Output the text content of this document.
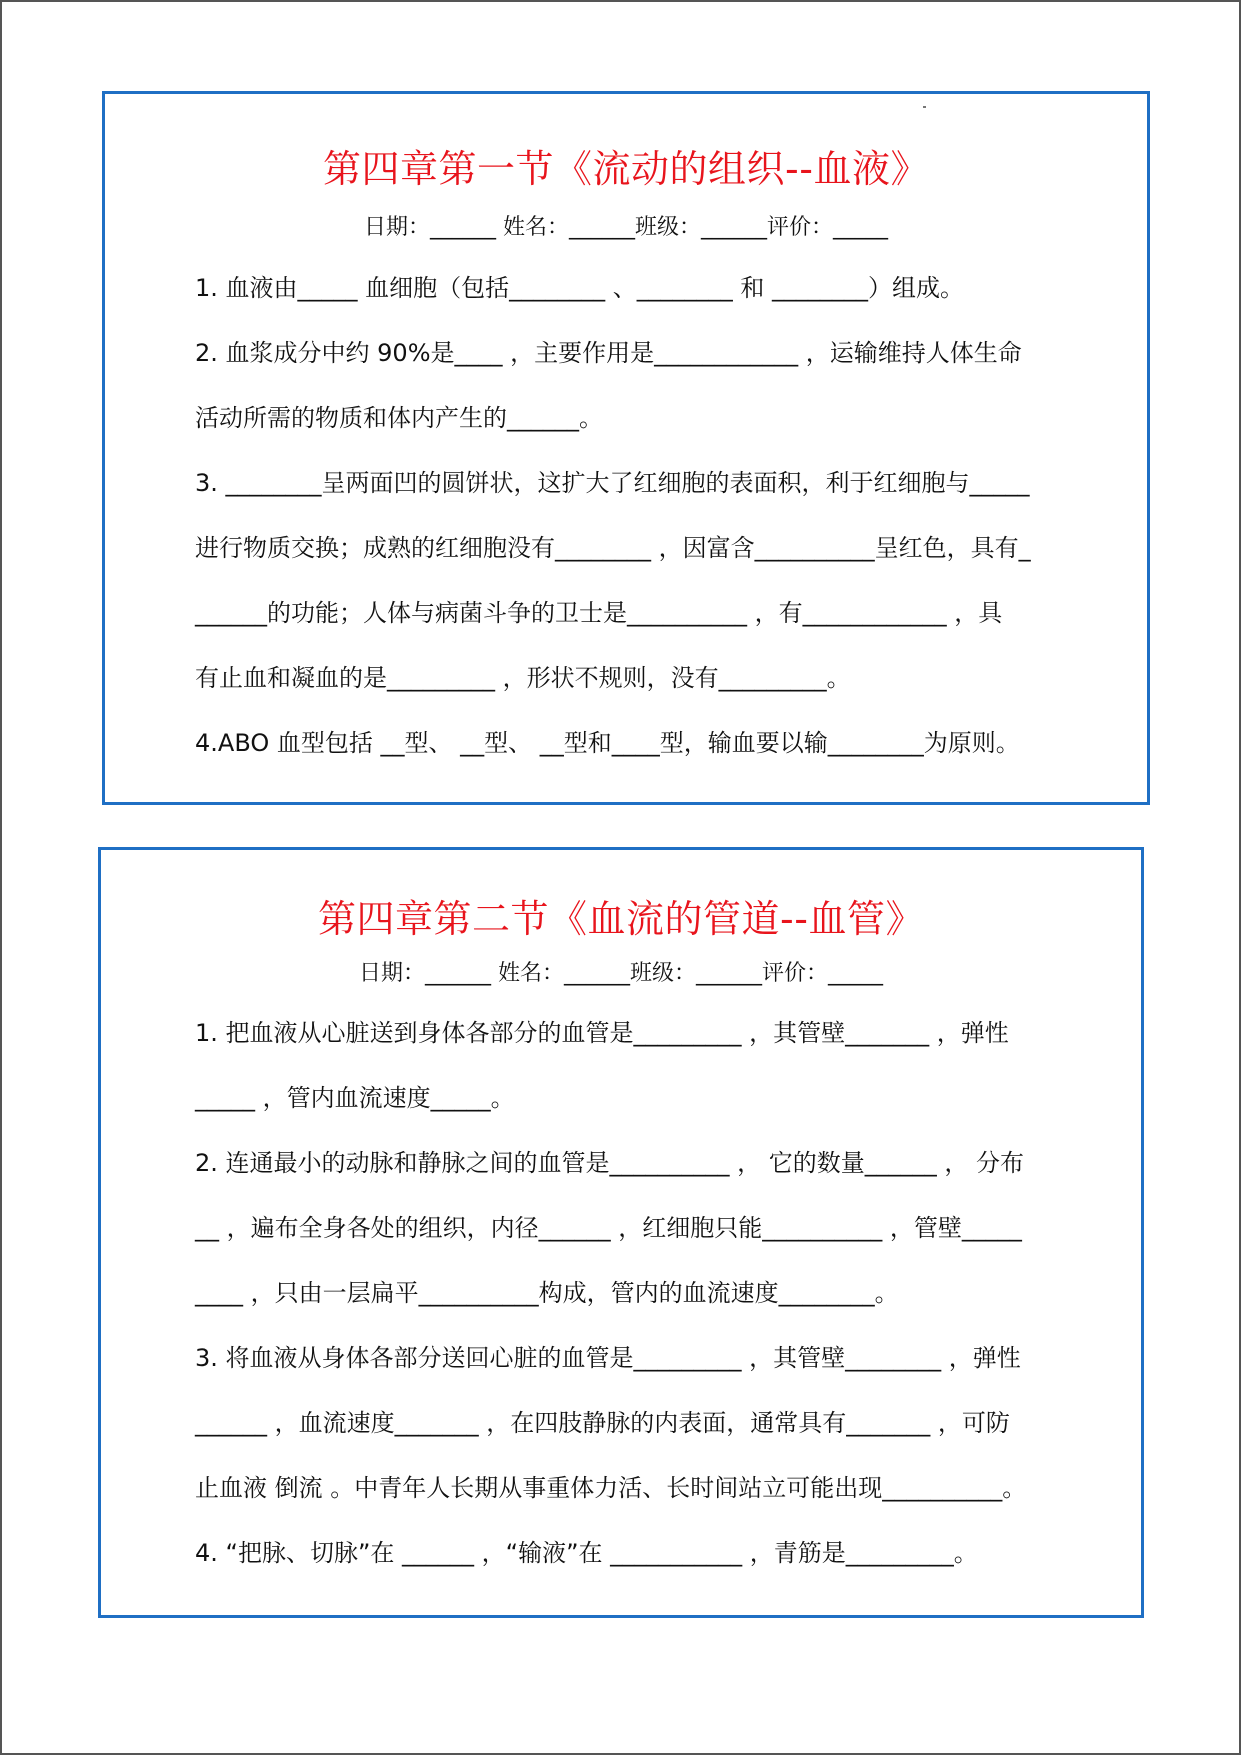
第四章第一节《流动的组织--血液》
日期：______ 姓名：______班级：______评价：_____
1. 血液由_____ 血细胞（包括________ 、________ 和 ________）组成。
2. 血浆成分中约 90%是____ ，主要作用是____________ ，运输维持人体生命
活动所需的物质和体内产生的______。
3. ________呈两面凹的圆饼状，这扩大了红细胞的表面积，利于红细胞与_____
进行物质交换；成熟的红细胞没有________ ，因富含__________呈红色，具有_
______的功能；人体与病菌斗争的卫士是__________ ，有____________ ，具
有止血和凝血的是_________ ，形状不规则，没有_________。
4.ABO 血型包括 __型、 __型、 __型和____型，输血要以输________为原则。
第四章第二节《血流的管道--血管》
日期：______ 姓名：______班级：______评价：_____
1. 把血液从心脏送到身体各部分的血管是_________ ，其管壁_______ ，弹性
_____ ，管内血流速度_____。
2. 连通最小的动脉和静脉之间的血管是__________ ， 它的数量______ ， 分布
__ ，遍布全身各处的组织，内径______ ，红细胞只能__________ ，管壁_____
____ ，只由一层扁平__________构成，管内的血流速度________。
3. 将血液从身体各部分送回心脏的血管是_________ ，其管壁________ ，弹性
______ ，血流速度_______ ，在四肢静脉的内表面，通常具有_______ ，可防
止血液 倒流 。中青年人长期从事重体力活、长时间站立可能出现__________。
4. “把脉、切脉”在 ______ ，“输液”在 ___________ ，青筋是_________。
